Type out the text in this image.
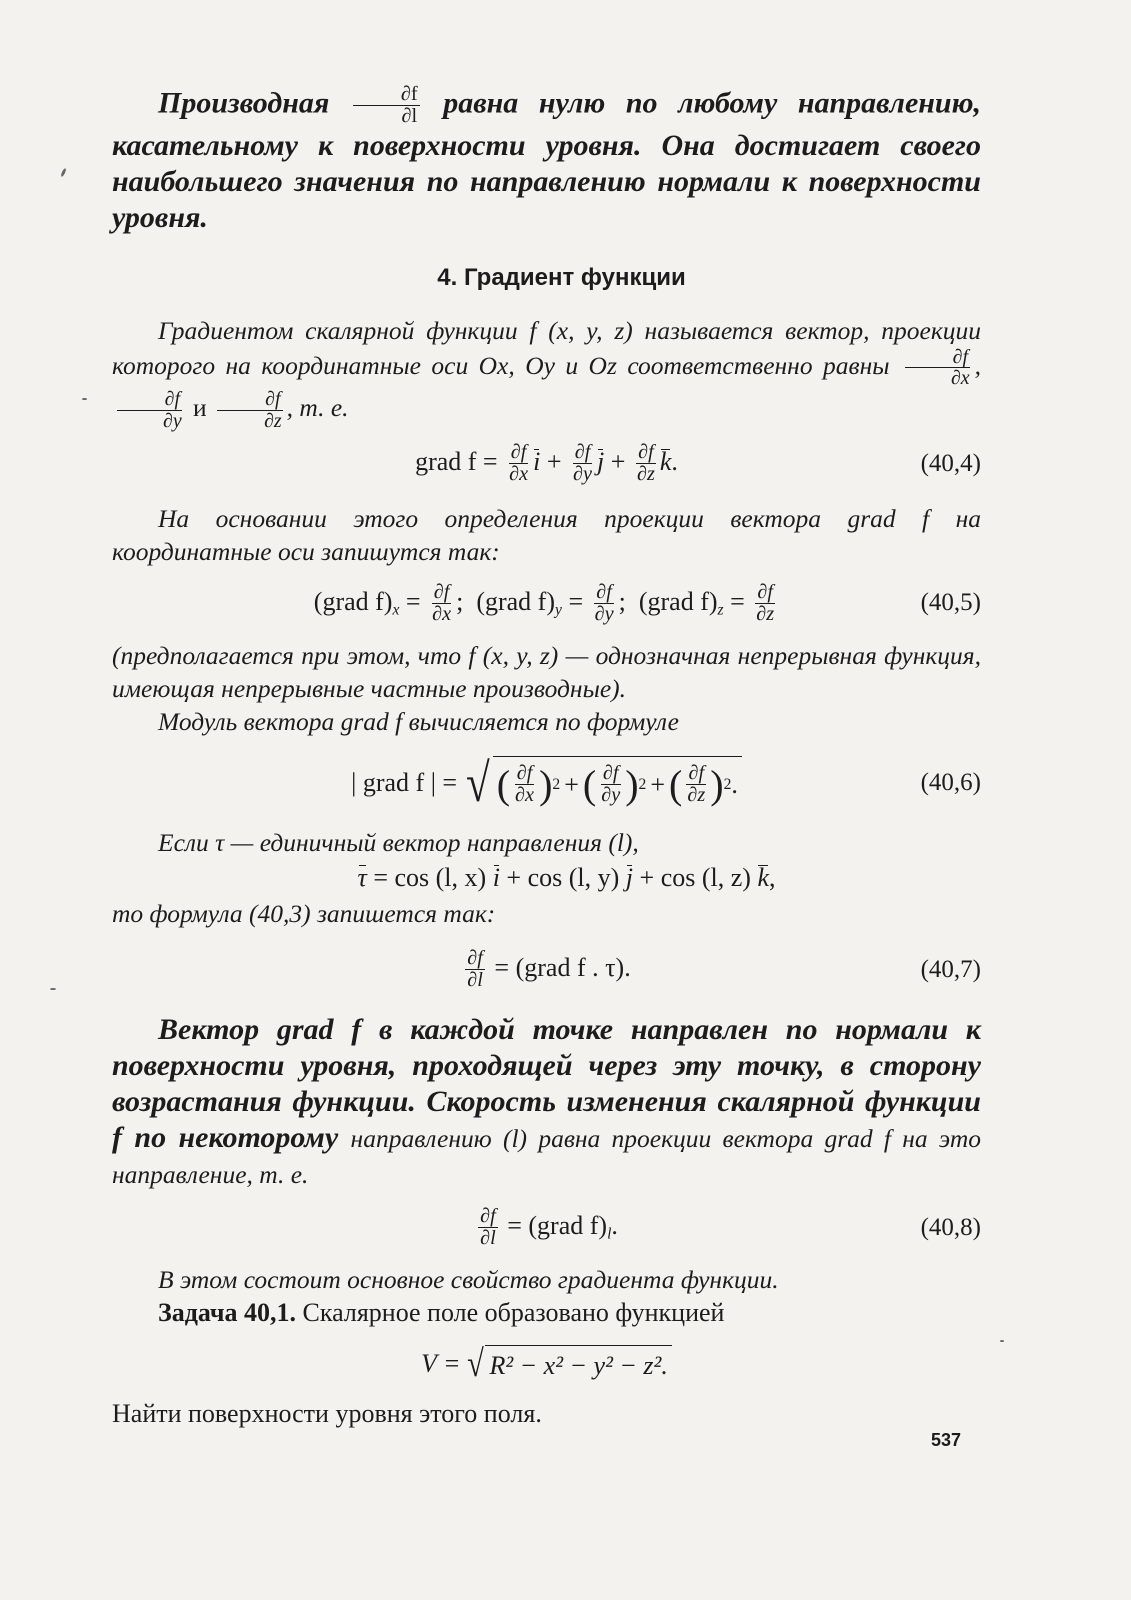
Производная $\frac{\partial f}{\partial l}$ равна нулю по любому направлению, касательному к поверхности уровня. Она достигает своего наибольшего значения по направлению нормали к поверхности уровня.

4. Градиент функции

Градиентом скалярной функции f (x, y, z) называется вектор, проекции которого на координатные оси Ox, Oy и Oz соответственно равны $\frac{\partial f}{\partial x}$ ,
$\frac{\partial f}{\partial y}$ и $\frac{\partial f}{\partial z}$ , т. е.

grad $f = \frac{\partial f}{\partial x}$ $i + \frac{\partial f}{\partial y}$ $j + \frac{\partial f}{\partial z} k$.	(40,4)

На основании этого определения проекции вектора grad f на координатные оси запишутся так:

(grad $f)_x = \frac{\partial f}{\partial x}$ ; (grad $f)_y = \frac{\partial f}{\partial y}$ ; (grad $f)_z = \frac{\partial f}{\partial z}$	(40,5)

(предполагается при этом, что f (x, y, z) — однозначная непрерывная функция, имеющая непрерывные частные производные).

Модуль вектора grad f вычисляется по формуле

| grad f | = √ ( $\frac{\partial f}{\partial x}$ ) 2 + ( $\frac{\partial f}{\partial y}$ ) 2 + ( $\frac{\partial f}{\partial z}$ ) 2 .	(40,6)

Если τ — единичный вектор направления (l),

τ = cos (l, x) i + cos (l, y) j + cos (l, z) k,

то формула (40,3) запишется так:

$\frac{\partial f}{\partial l}$ = (grad f . τ).	(40,7)

Вектор grad f в каждой точке направлен по нормали к поверхности уровня, проходящей через эту точку, в сторону возрастания функции. Скорость изменения скалярной функции f по некоторому направлению (l) равна проекции вектора grad f на это направление, т. е.

$\frac{\partial f}{\partial l}$ = (grad $f)_l$.	(40,8)

В этом состоит основное свойство градиента функции.

Задача 40,1. Скалярное поле образовано функцией

V = √ R² − x² − y² − z².

Найти поверхности уровня этого поля.

537
